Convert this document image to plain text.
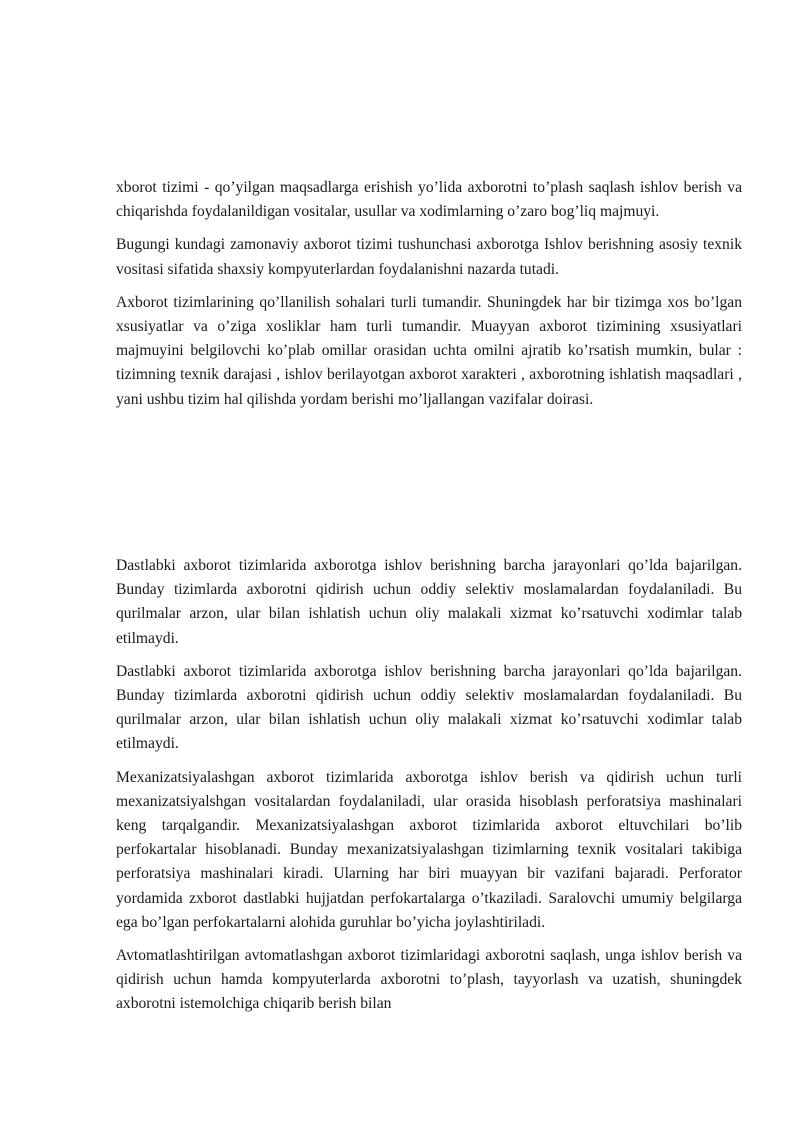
xborot tizimi - qo’yilgan maqsadlarga erishish yo’lida axborotni to’plash saqlash ishlov berish va chiqarishda foydalanildigan vositalar, usullar va xodimlarning o’zaro bog’liq majmuyi.

Bugungi kundagi zamonaviy axborot tizimi tushunchasi axborotga Ishlov berishning asosiy texnik vositasi sifatida shaxsiy kompyuterlardan foydalanishni nazarda tutadi.

Axborot tizimlarining qo’llanilish sohalari turli tumandir. Shuningdek har bir tizimga xos bo’lgan xsusiyatlar va o’ziga xosliklar ham turli tumandir. Muayyan axborot tizimining xsusiyatlari majmuyini belgilovchi ko’plab omillar orasidan uchta omilni ajratib ko’rsatish mumkin, bular : tizimning texnik darajasi , ishlov berilayotgan axborot xarakteri , axborotning ishlatish maqsadlari , yani ushbu tizim hal qilishda yordam berishi mo’ljallangan vazifalar doirasi.

Dastlabki axborot tizimlarida axborotga ishlov berishning barcha jarayonlari qo’lda bajarilgan. Bunday tizimlarda axborotni qidirish uchun oddiy selektiv moslamalardan foydalaniladi. Bu qurilmalar arzon, ular bilan ishlatish uchun oliy malakali xizmat ko’rsatuvchi xodimlar talab etilmaydi.

Dastlabki axborot tizimlarida axborotga ishlov berishning barcha jarayonlari qo’lda bajarilgan. Bunday tizimlarda axborotni qidirish uchun oddiy selektiv moslamalardan foydalaniladi. Bu qurilmalar arzon, ular bilan ishlatish uchun oliy malakali xizmat ko’rsatuvchi xodimlar talab etilmaydi.

Mexanizatsiyalashgan axborot tizimlarida axborotga ishlov berish va qidirish uchun turli mexanizatsiyalshgan vositalardan foydalaniladi, ular orasida hisoblash perforatsiya mashinalari keng tarqalgandir. Mexanizatsiyalashgan axborot tizimlarida axborot eltuvchilari bo’lib perfokartalar hisoblanadi. Bunday mexanizatsiyalashgan tizimlarning texnik vositalari takibiga perforatsiya mashinalari kiradi. Ularning har biri muayyan bir vazifani bajaradi. Perforator yordamida zxborot dastlabki hujjatdan perfokartalarga o’tkaziladi. Saralovchi umumiy belgilarga ega bo’lgan perfokartalarni alohida guruhlar bo’yicha joylashtiriladi.

Avtomatlashtirilgan avtomatlashgan axborot tizimlaridagi axborotni saqlash, unga ishlov berish va qidirish uchun hamda kompyuterlarda axborotni to’plash, tayyorlash va uzatish, shuningdek axborotni istemolchiga chiqarib berish bilan
